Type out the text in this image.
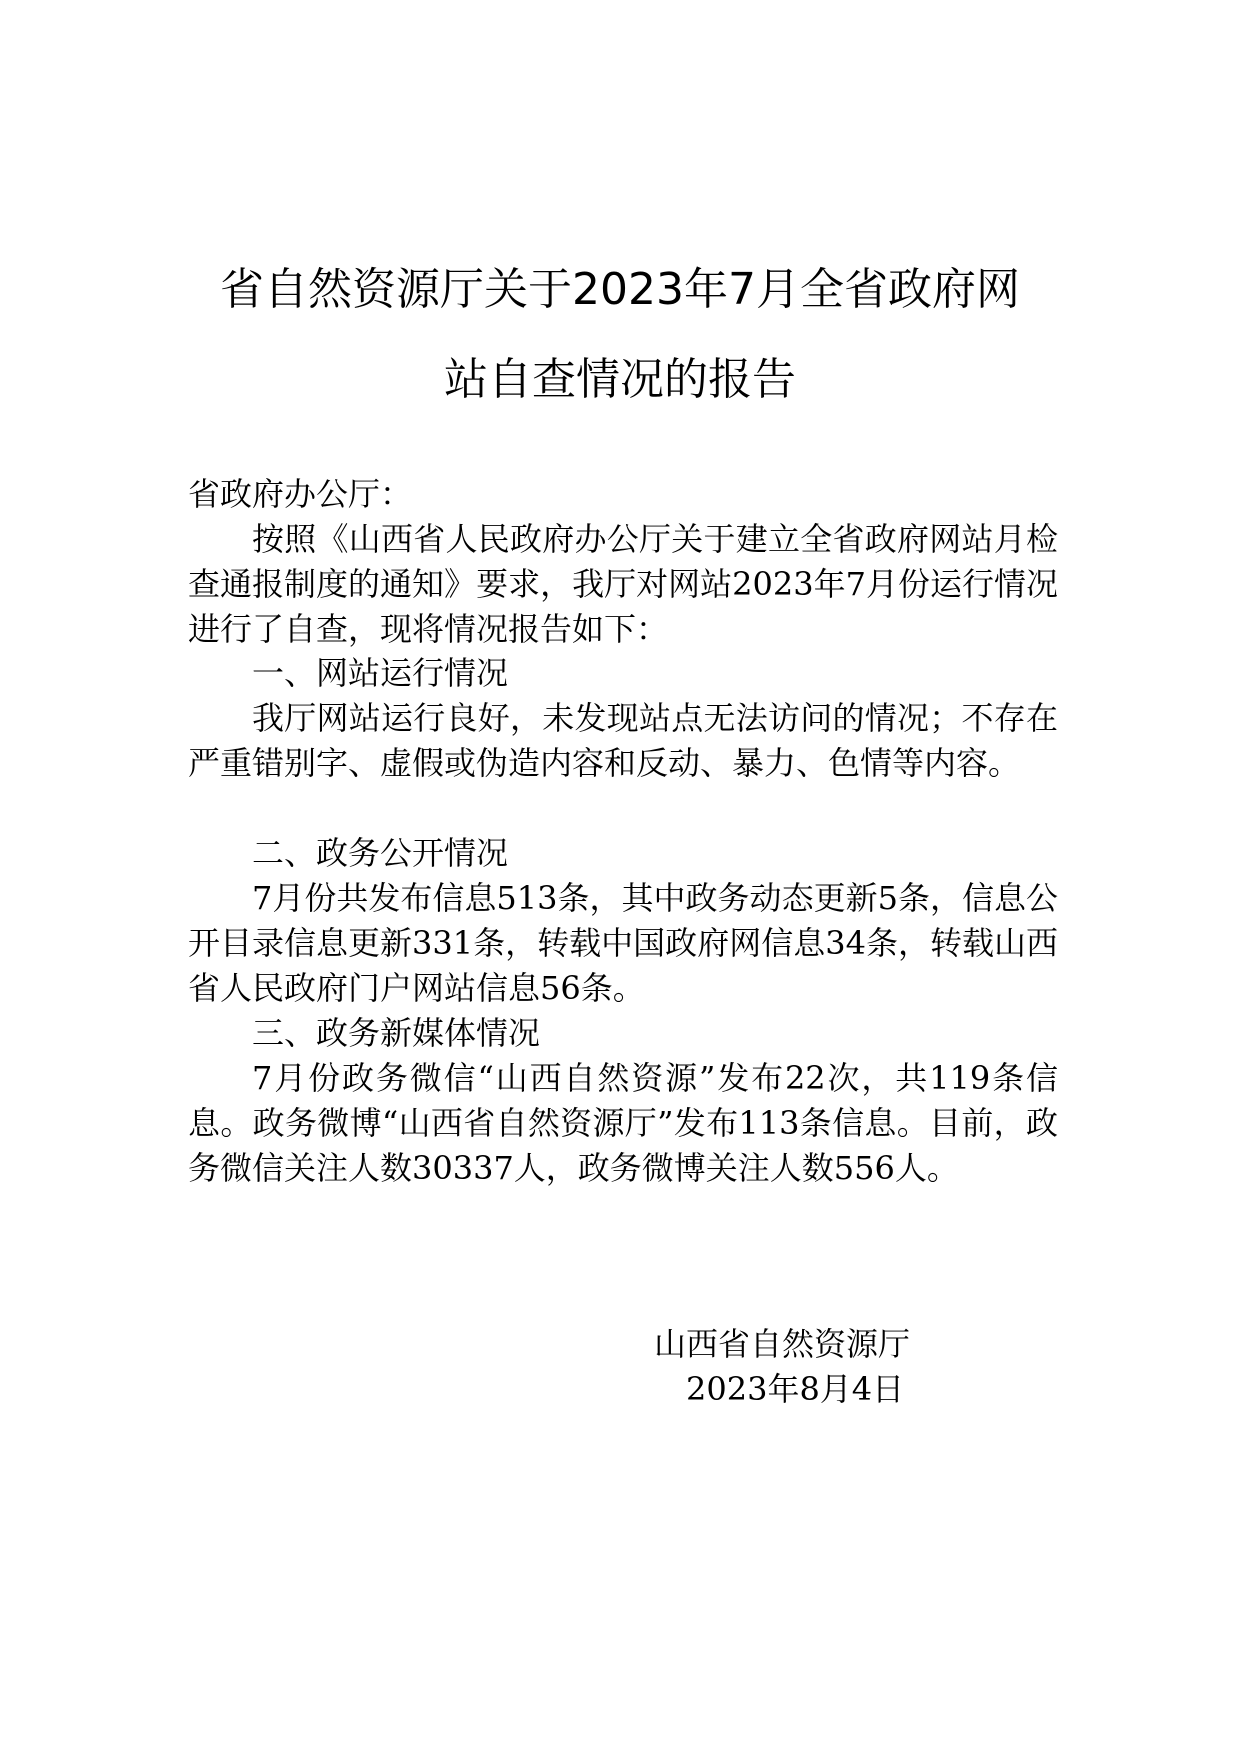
省自然资源厅关于2023年7月全省政府网
站自查情况的报告

省政府办公厅：

按照《山西省人民政府办公厅关于建立全省政府网站月检查通报制度的通知》要求，我厅对网站2023年7月份运行情况进行了自查，现将情况报告如下：

一、网站运行情况

我厅网站运行良好，未发现站点无法访问的情况；不存在严重错别字、虚假或伪造内容和反动、暴力、色情等内容。

二、政务公开情况

7月份共发布信息513条，其中政务动态更新5条，信息公开目录信息更新331条，转载中国政府网信息34条，转载山西省人民政府门户网站信息56条。

三、政务新媒体情况

7月份政务微信“山西自然资源”发布22次，共119条信息。政务微博“山西省自然资源厅”发布113条信息。目前，政务微信关注人数30337人，政务微博关注人数556人。

山西省自然资源厅

2023年8月4日
